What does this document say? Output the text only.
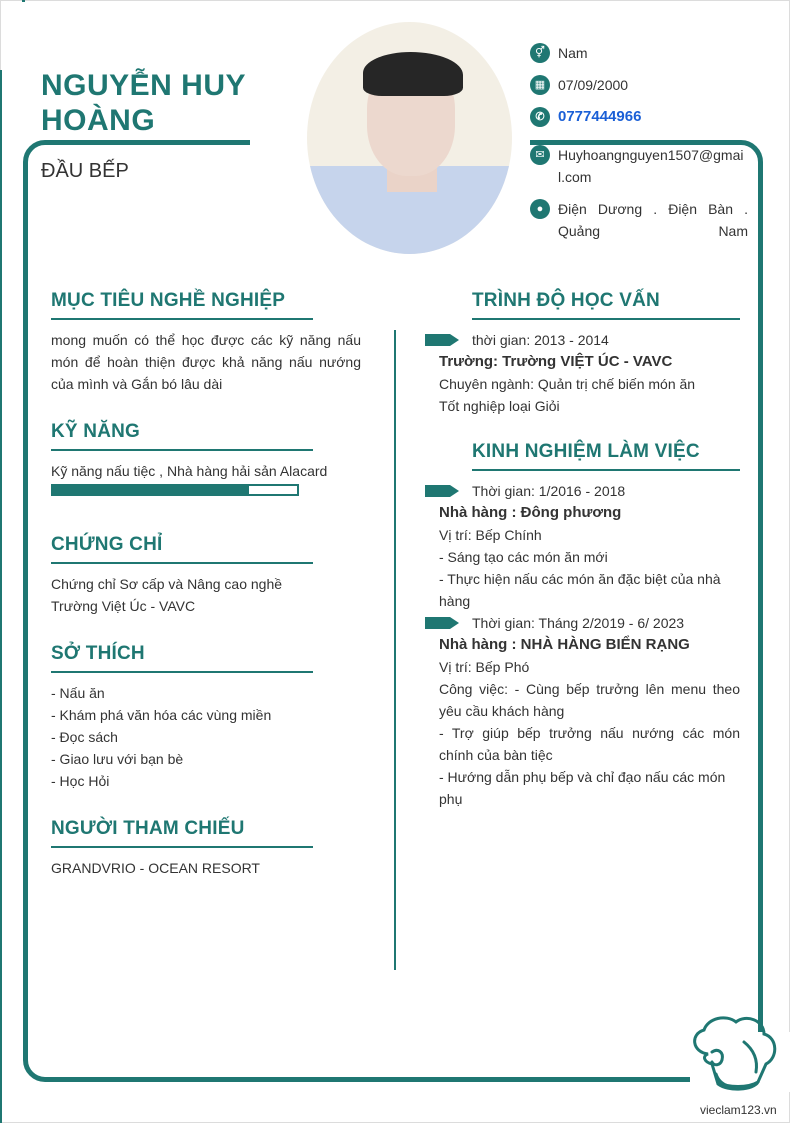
NGUYỄN HUY HOÀNG
ĐẦU BẾP
⚥ Nam
▦ 07/09/2000
✆ 0777444966
✉ Huyhoangnguyen1507@gmail.com
●	Điện Dương . Điện Bàn . Quảng Nam
MỤC TIÊU NGHỀ NGHIỆP
mong muốn có thể học được các kỹ năng nấu món để hoàn thiện được khả năng nấu nướng của mình và Gắn bó lâu dài
KỸ NĂNG
Kỹ năng nấu tiệc , Nhà hàng hải sản Alacard
CHỨNG CHỈ
Chứng chỉ Sơ cấp và Nâng cao nghề
Trường Việt Úc - VAVC
SỞ THÍCH
- Nấu ăn
- Khám phá văn hóa các vùng miền
- Đọc sách
- Giao lưu với bạn bè
- Học Hỏi
NGƯỜI THAM CHIẾU
GRANDVRIO - OCEAN RESORT
TRÌNH ĐỘ HỌC VẤN
thời gian: 2013 - 2014
Trường: Trường VIỆT ÚC - VAVC
Chuyên ngành: Quản trị chế biến món ăn
Tốt nghiệp loại Giỏi
KINH NGHIỆM LÀM VIỆC
Thời gian: 1/2016 - 2018
Nhà hàng : Đông phương
Vị trí: Bếp Chính
- Sáng tạo các món ăn mới
- Thực hiện nấu các món ăn đặc biệt của nhà hàng
Thời gian: Tháng 2/2019 - 6/ 2023
Nhà hàng : NHÀ HÀNG BIỂN RẠNG
Vị trí: Bếp Phó
Công việc: - Cùng bếp trưởng lên menu theo yêu cầu khách hàng
- Trợ giúp bếp trưởng nấu nướng các món chính của bàn tiệc
- Hướng dẫn phụ bếp và chỉ đạo nấu các món phụ
vieclam123.vn
